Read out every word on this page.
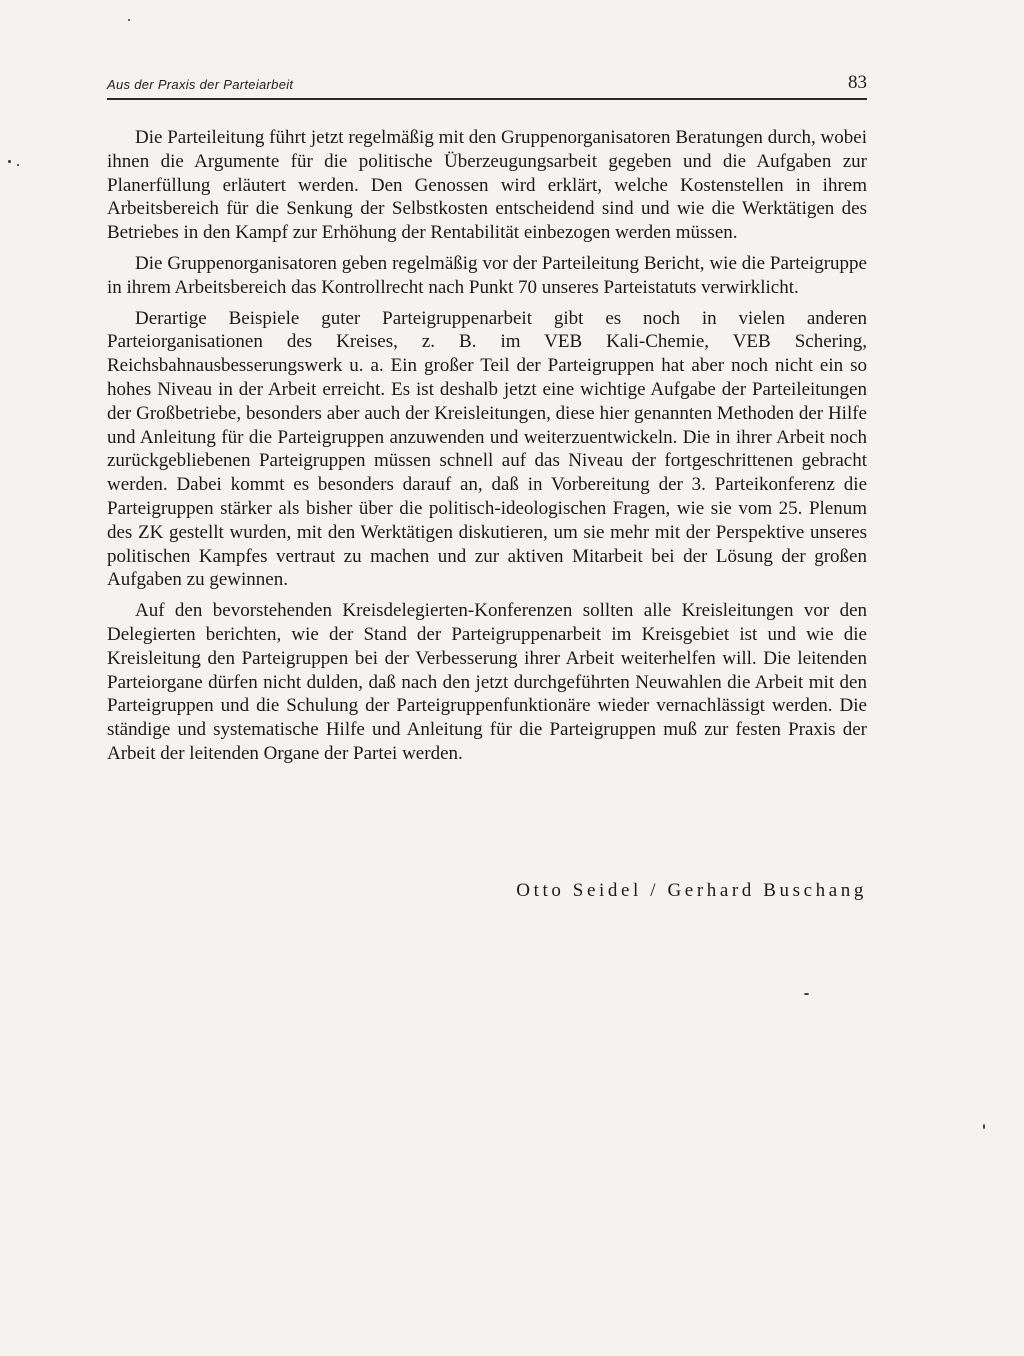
Aus der Praxis der Parteiarbeit	83

Die Parteileitung führt jetzt regelmäßig mit den Gruppenorganisatoren Beratungen durch, wobei ihnen die Argumente für die politische Überzeugungsarbeit gegeben und die Aufgaben zur Planerfüllung erläutert werden. Den Genossen wird erklärt, welche Kostenstellen in ihrem Arbeitsbereich für die Senkung der Selbstkosten entscheidend sind und wie die Werktätigen des Betriebes in den Kampf zur Erhöhung der Rentabilität einbezogen werden müssen.

Die Gruppenorganisatoren geben regelmäßig vor der Parteileitung Bericht, wie die Parteigruppe in ihrem Arbeitsbereich das Kontrollrecht nach Punkt 70 unseres Parteistatuts verwirklicht.

Derartige Beispiele guter Parteigruppenarbeit gibt es noch in vielen anderen Parteiorganisationen des Kreises, z. B. im VEB Kali-Chemie, VEB Schering, Reichsbahnausbesserungswerk u. a. Ein großer Teil der Parteigruppen hat aber noch nicht ein so hohes Niveau in der Arbeit erreicht. Es ist deshalb jetzt eine wichtige Aufgabe der Parteileitungen der Großbetriebe, besonders aber auch der Kreisleitungen, diese hier genannten Methoden der Hilfe und Anleitung für die Parteigruppen anzuwenden und weiterzuentwickeln. Die in ihrer Arbeit noch zurückgebliebenen Parteigruppen müssen schnell auf das Niveau der fortgeschrittenen gebracht werden. Dabei kommt es besonders darauf an, daß in Vorbereitung der 3. Parteikonferenz die Parteigruppen stärker als bisher über die politisch-ideologischen Fragen, wie sie vom 25. Plenum des ZK gestellt wurden, mit den Werktätigen diskutieren, um sie mehr mit der Perspektive unseres politischen Kampfes vertraut zu machen und zur aktiven Mitarbeit bei der Lösung der großen Aufgaben zu gewinnen.

Auf den bevorstehenden Kreisdelegierten-Konferenzen sollten alle Kreisleitungen vor den Delegierten berichten, wie der Stand der Parteigruppenarbeit im Kreisgebiet ist und wie die Kreisleitung den Parteigruppen bei der Verbesserung ihrer Arbeit weiterhelfen will. Die leitenden Parteiorgane dürfen nicht dulden, daß nach den jetzt durchgeführten Neuwahlen die Arbeit mit den Parteigruppen und die Schulung der Parteigruppenfunktionäre wieder vernachlässigt werden. Die ständige und systematische Hilfe und Anleitung für die Parteigruppen muß zur festen Praxis der Arbeit der leitenden Organe der Partei werden.

Otto Seidel / Gerhard Buschang
